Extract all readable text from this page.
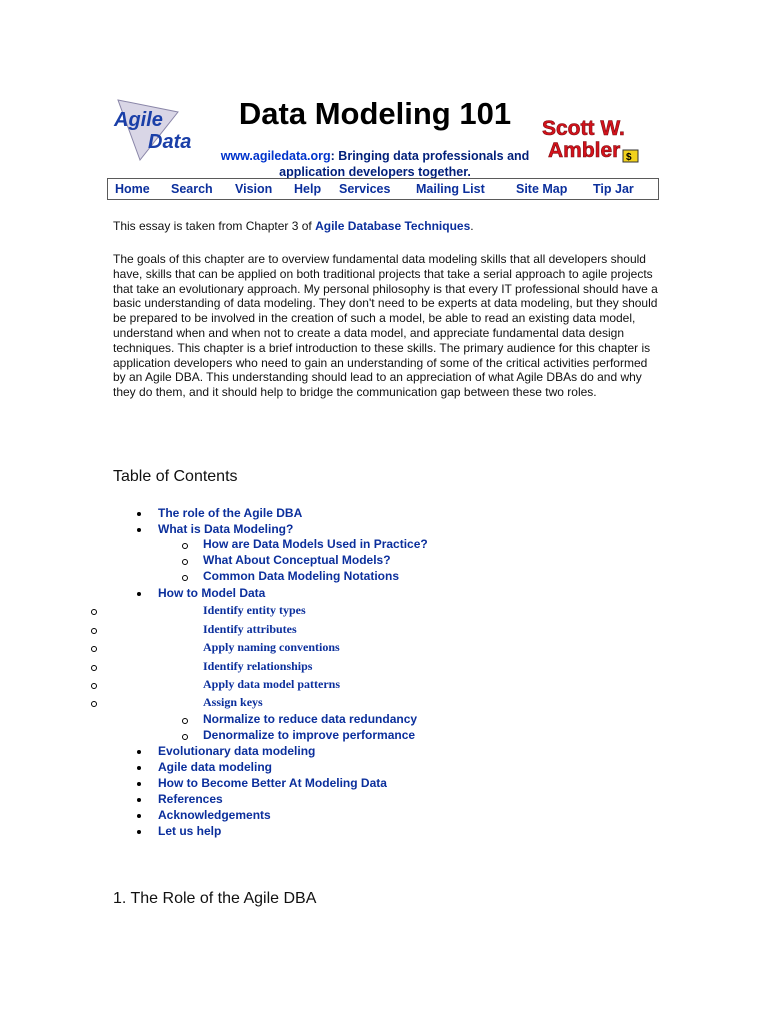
Agile
Data
Data Modeling 101
www.agiledata.org: Bringing data professionals and application developers together.
Scott W.
Ambler $
Home Search Vision Help Services Mailing List	Site Map Tip Jar
This essay is taken from Chapter 3 of Agile Database Techniques.
The goals of this chapter are to overview fundamental data modeling skills that all developers should have, skills that can be applied on both traditional projects that take a serial approach to agile projects that take an evolutionary approach. My personal philosophy is that every IT professional should have a basic understanding of data modeling. They don't need to be experts at data modeling, but they should be prepared to be involved in the creation of such a model, be able to read an existing data model, understand when and when not to create a data model, and appreciate fundamental data design techniques. This chapter is a brief introduction to these skills. The primary audience for this chapter is application developers who need to gain an understanding of some of the critical activities performed by an Agile DBA. This understanding should lead to an appreciation of what Agile DBAs do and why they do them, and it should help to bridge the communication gap between these two roles.
Table of Contents
The role of the Agile DBA
What is Data Modeling?
How are Data Models Used in Practice?
What About Conceptual Models?
Common Data Modeling Notations
How to Model Data
Identify entity types
Identify attributes
Apply naming conventions
Identify relationships
Apply data model patterns
Assign keys
Normalize to reduce data redundancy
Denormalize to improve performance
Evolutionary data modeling
Agile data modeling
How to Become Better At Modeling Data
References
Acknowledgements
Let us help
1. The Role of the Agile DBA
